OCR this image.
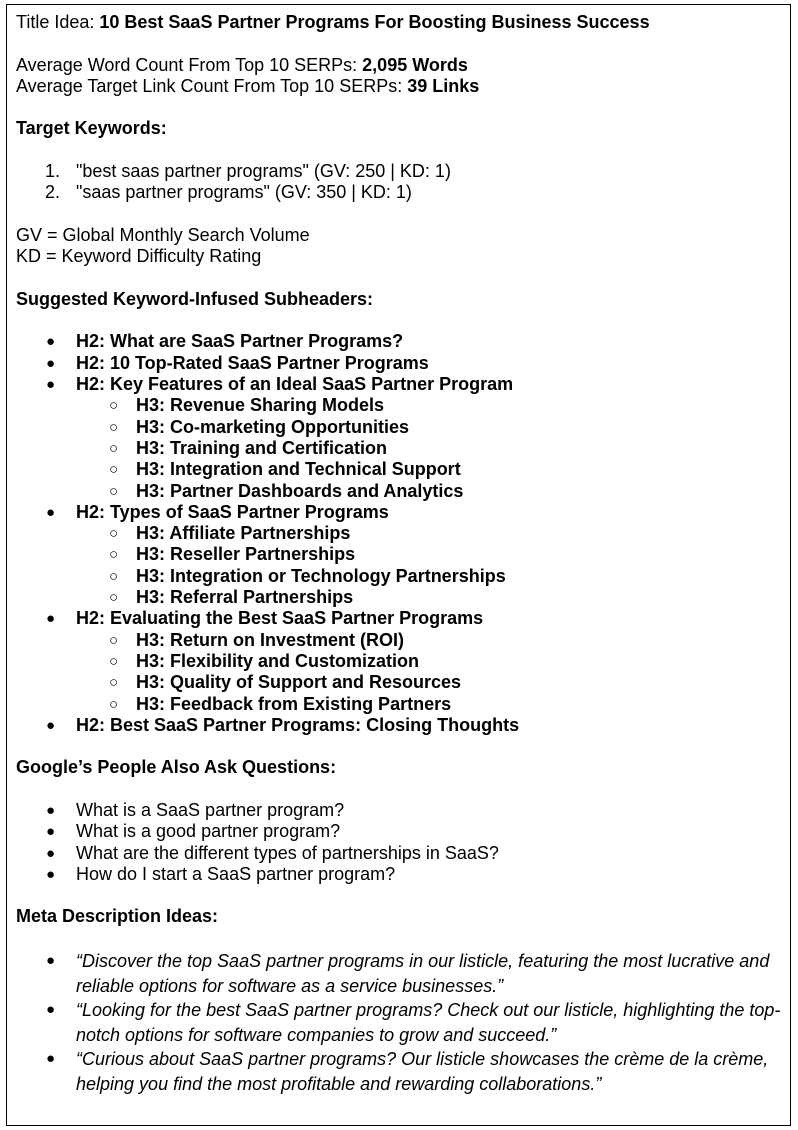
Title Idea: 10 Best SaaS Partner Programs For Boosting Business Success

Average Word Count From Top 10 SERPs: 2,095 Words

Average Target Link Count From Top 10 SERPs: 39 Links

Target Keywords:

1. "best saas partner programs" (GV: 250 | KD: 1)
2. "saas partner programs" (GV: 350 | KD: 1)

GV = Global Monthly Search Volume

KD = Keyword Difficulty Rating

Suggested Keyword-Infused Subheaders:

● H2: What are SaaS Partner Programs?
● H2: 10 Top-Rated SaaS Partner Programs
● H2: Key Features of an Ideal SaaS Partner Program
○ H3: Revenue Sharing Models
○ H3: Co-marketing Opportunities
○ H3: Training and Certification
○ H3: Integration and Technical Support
○ H3: Partner Dashboards and Analytics
● H2: Types of SaaS Partner Programs
○ H3: Affiliate Partnerships
○ H3: Reseller Partnerships
○ H3: Integration or Technology Partnerships
○ H3: Referral Partnerships
● H2: Evaluating the Best SaaS Partner Programs
○ H3: Return on Investment (ROI)
○ H3: Flexibility and Customization
○ H3: Quality of Support and Resources
○ H3: Feedback from Existing Partners
● H2: Best SaaS Partner Programs: Closing Thoughts

Google’s People Also Ask Questions:

● What is a SaaS partner program?
● What is a good partner program?
● What are the different types of partnerships in SaaS?
● How do I start a SaaS partner program?

Meta Description Ideas:

● “Discover the top SaaS partner programs in our listicle, featuring the most lucrative and reliable options for software as a service businesses.”
● “Looking for the best SaaS partner programs? Check out our listicle, highlighting the top-notch options for software companies to grow and succeed.”
● “Curious about SaaS partner programs? Our listicle showcases the crème de la crème, helping you find the most profitable and rewarding collaborations.”
